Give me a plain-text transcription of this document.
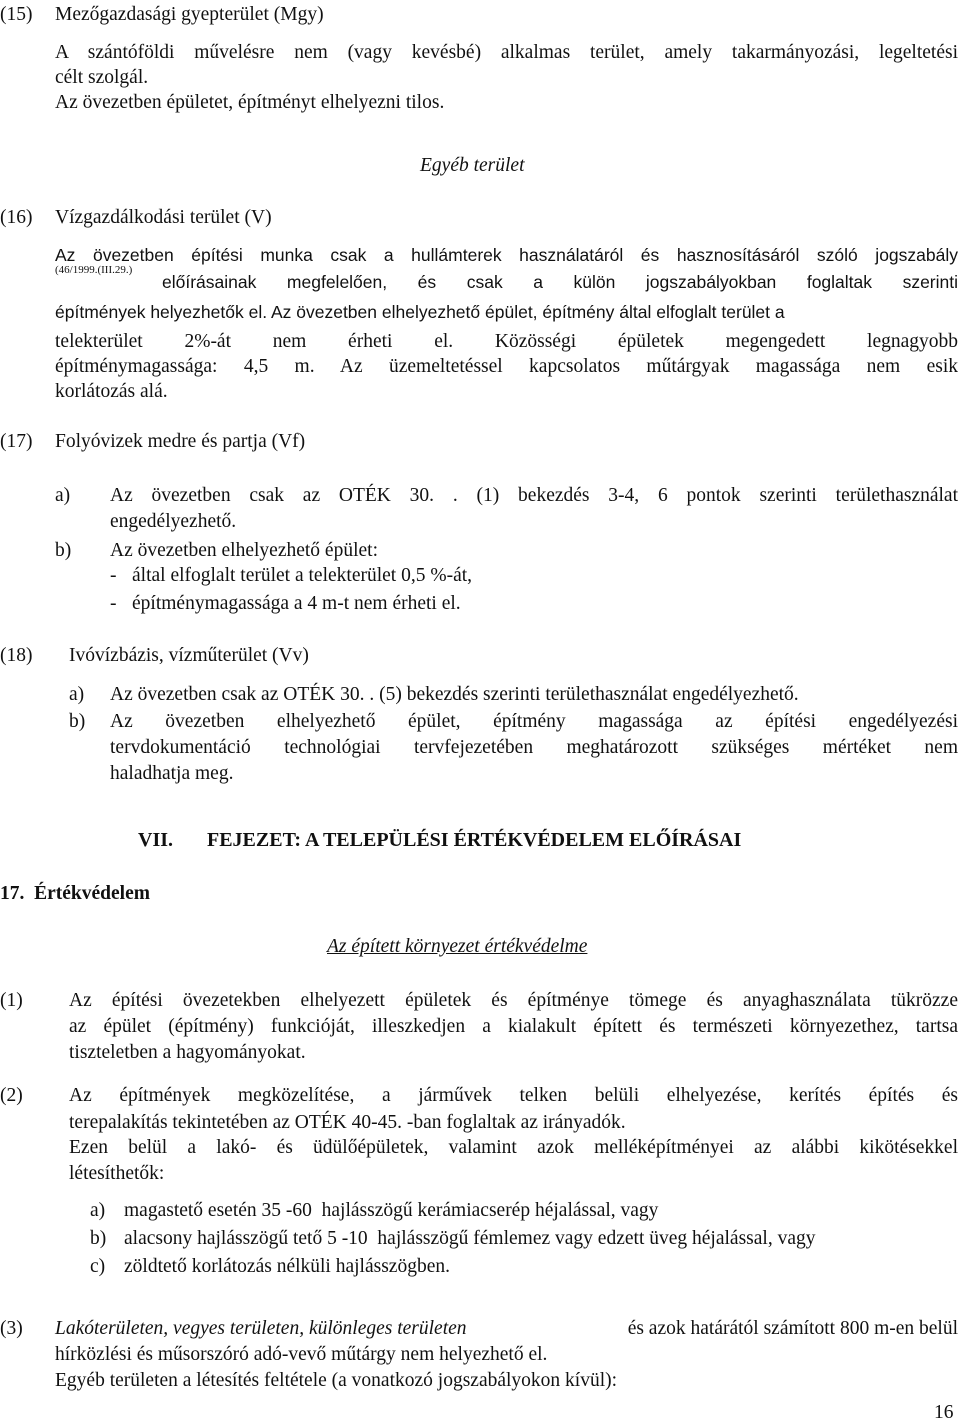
(15) Mezőgazdasági gyepterület (Mgy)
A szántóföldi művelésre nem (vagy kevésbé) alkalmas terület, amely takarmányozási, legeltetési
célt szolgál.
Az övezetben épületet, építményt elhelyezni tilos.
Egyéb terület
(16) Vízgazdálkodási terület (V)
Az övezetben építési munka csak a hullámterek használatáról és hasznosításáról szóló jogszabály
(46/1999.(III.29.)
előírásainak megfelelően, és csak a külön jogszabályokban foglaltak szerinti
építmények helyezhetők el. Az övezetben elhelyezhető épület, építmény által elfoglalt terület a
telekterület 2%-át nem érheti el. Közösségi épületek megengedett legnagyobb
építménymagassága: 4,5 m. Az üzemeltetéssel kapcsolatos műtárgyak magassága nem esik
korlátozás alá.
(17) Folyóvizek medre és partja (Vf)
a) Az övezetben csak az OTÉK 30. . (1) bekezdés 3-4, 6 pontok szerinti területhasználat
engedélyezhető.
b) Az övezetben elhelyezhető épület:
- által elfoglalt terület a telekterület 0,5 %-át,
- építménymagassága a 4 m-t nem érheti el.
(18) Ivóvízbázis, vízműterület (Vv)
a) Az övezetben csak az OTÉK 30. . (5) bekezdés szerinti területhasználat engedélyezhető.
b) Az övezetben elhelyezhető épület, építmény magassága az építési engedélyezési
tervdokumentáció technológiai tervfejezetében meghatározott szükséges mértéket nem
haladhatja meg.
VII. FEJEZET: A TELEPÜLÉSI ÉRTÉKVÉDELEM ELŐÍRÁSAI
17.  Értékvédelem
Az épített környezet értékvédelme
(1) Az építési övezetekben elhelyezett épületek és építménye tömege és anyaghasználata tükrözze
az épület (építmény) funkcióját, illeszkedjen a kialakult épített és természeti környezethez, tartsa
tiszteletben a hagyományokat.
(2) Az építmények megközelítése, a járművek telken belüli elhelyezése, kerítés építés és
terepalakítás tekintetében az OTÉK 40-45. -ban foglaltak az irányadók.
Ezen belül a lakó- és üdülőépületek, valamint azok melléképítményei az alábbi kikötésekkel
létesíthetők:
a) magastető esetén 35 -60  hajlásszögű kerámiacserép héjalással, vagy
b) alacsony hajlásszögű tető 5 -10  hajlásszögű fémlemez vagy edzett üveg héjalással, vagy
c) zöldtető korlátozás nélküli hajlásszögben.
(3) Lakóterületen, vegyes területen, különleges területen	és azok határától számított 800 m-en belül
hírközlési és műsorszóró adó-vevő műtárgy nem helyezhető el.
Egyéb területen a létesítés feltétele (a vonatkozó jogszabályokon kívül):
16
